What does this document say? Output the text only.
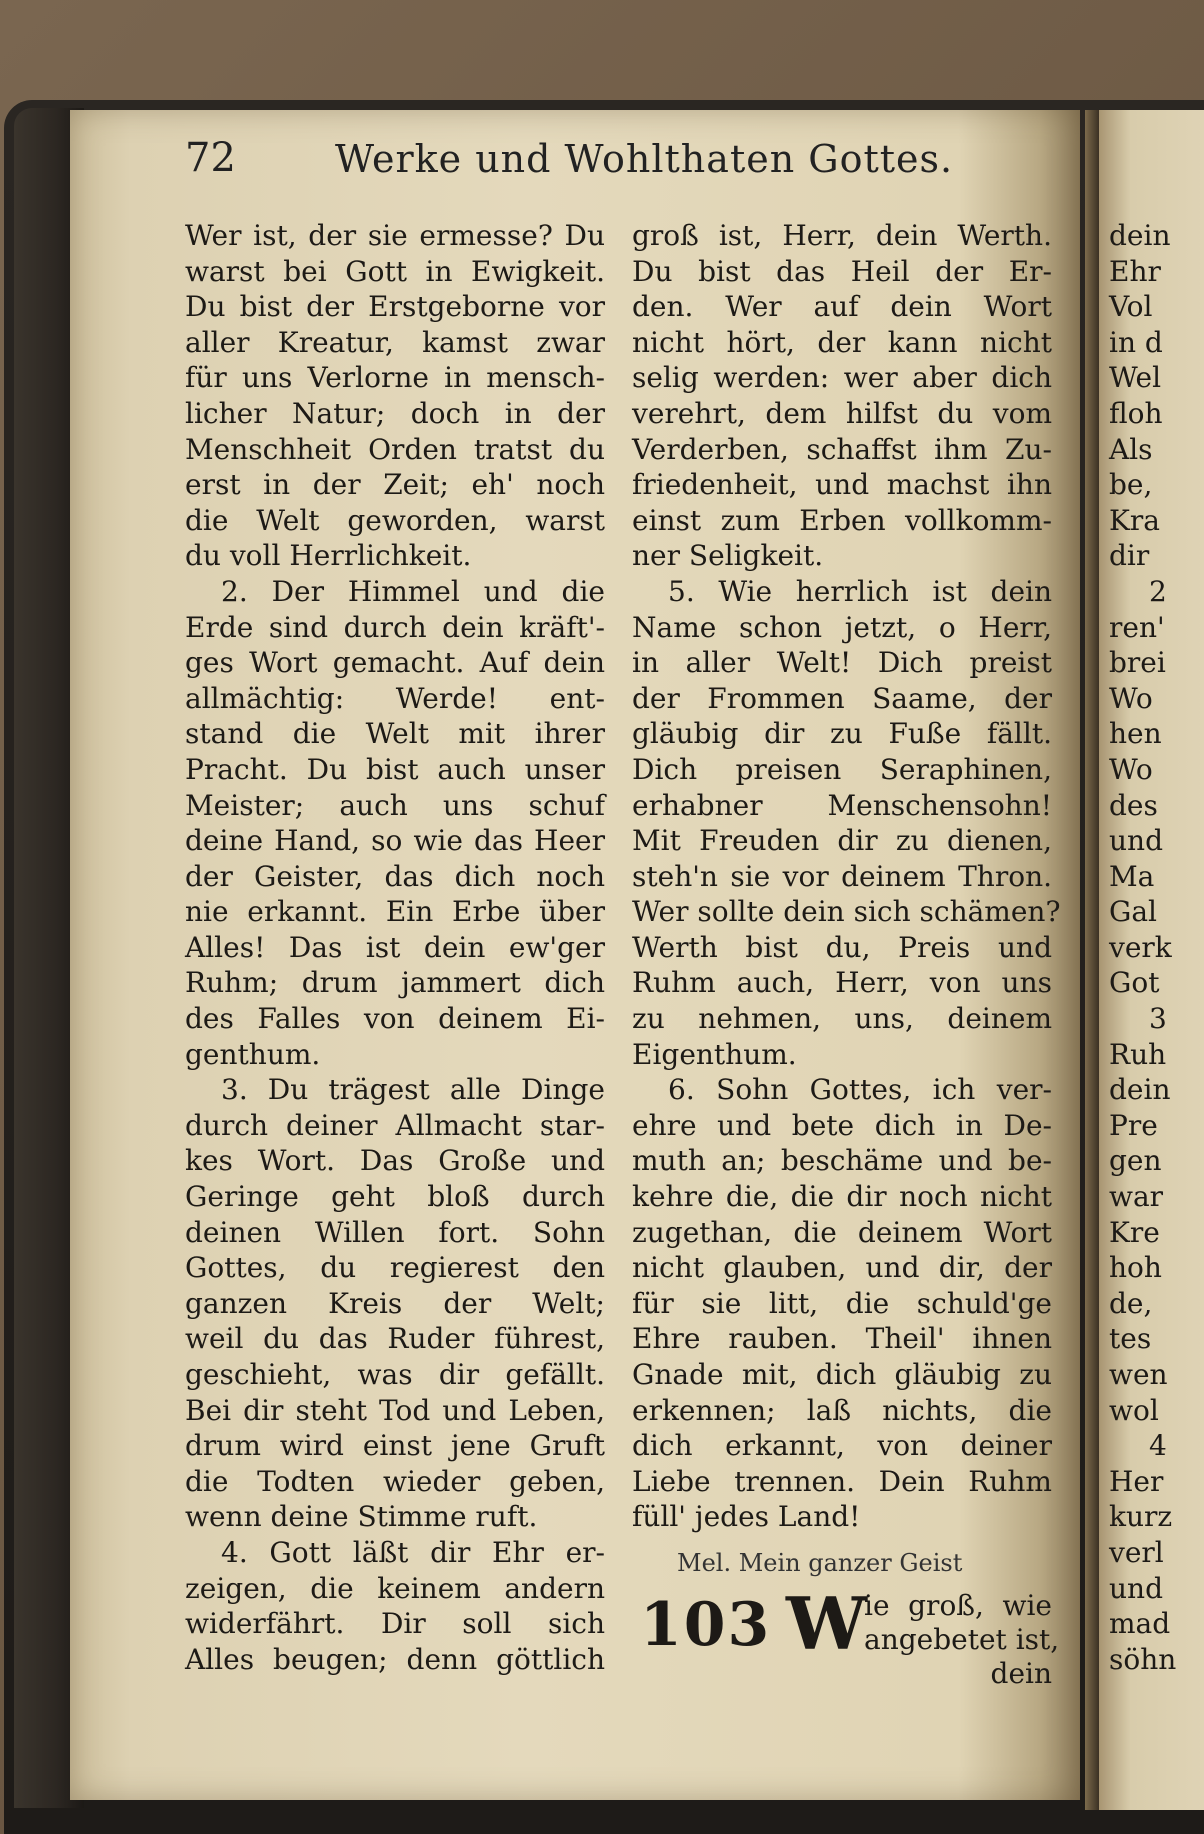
dein
Ehr
Vol
in d
Wel
floh
Als
be,
Kra
dir
2
ren'
brei
Wo
hen
Wo
des
und
Ma
Gal
verk
Got
3
Ruh
dein
Pre
gen
war
Kre
hoh
de,
tes
wen
wol
4
Her
kurz
verl
und
mad
söhn
72	Werke und Wohlthaten Gottes.
Wer ist, der sie ermesse? Du
warst bei Gott in Ewigkeit.
Du bist der Erstgeborne vor
aller Kreatur, kamst zwar
für uns Verlorne in mensch-
licher Natur; doch in der
Menschheit Orden tratst du
erst in der Zeit; eh' noch
die Welt geworden, warst
du voll Herrlichkeit.
2. Der Himmel und die
Erde sind durch dein kräft'-
ges Wort gemacht. Auf dein
allmächtig: Werde! ent-
stand die Welt mit ihrer
Pracht. Du bist auch unser
Meister; auch uns schuf
deine Hand, so wie das Heer
der Geister, das dich noch
nie erkannt. Ein Erbe über
Alles! Das ist dein ew'ger
Ruhm; drum jammert dich
des Falles von deinem Ei-
genthum.
3. Du trägest alle Dinge
durch deiner Allmacht star-
kes Wort. Das Große und
Geringe geht bloß durch
deinen Willen fort. Sohn
Gottes, du regierest den
ganzen Kreis der Welt;
weil du das Ruder führest,
geschieht, was dir gefällt.
Bei dir steht Tod und Leben,
drum wird einst jene Gruft
die Todten wieder geben,
wenn deine Stimme ruft.
4. Gott läßt dir Ehr er-
zeigen, die keinem andern
widerfährt. Dir soll sich
Alles beugen; denn göttlich
groß ist, Herr, dein Werth.
Du bist das Heil der Er-
den. Wer auf dein Wort
nicht hört, der kann nicht
selig werden: wer aber dich
verehrt, dem hilfst du vom
Verderben, schaffst ihm Zu-
friedenheit, und machst ihn
einst zum Erben vollkomm-
ner Seligkeit.
5. Wie herrlich ist dein
Name schon jetzt, o Herr,
in aller Welt! Dich preist
der Frommen Saame, der
gläubig dir zu Fuße fällt.
Dich preisen Seraphinen,
erhabner Menschensohn!
Mit Freuden dir zu dienen,
steh'n sie vor deinem Thron.
Wer sollte dein sich schämen?
Werth bist du, Preis und
Ruhm auch, Herr, von uns
zu nehmen, uns, deinem
Eigenthum.
6. Sohn Gottes, ich ver-
ehre und bete dich in De-
muth an; beschäme und be-
kehre die, die dir noch nicht
zugethan, die deinem Wort
nicht glauben, und dir, der
für sie litt, die schuld'ge
Ehre rauben. Theil' ihnen
Gnade mit, dich gläubig zu
erkennen; laß nichts, die
dich erkannt, von deiner
Liebe trennen. Dein Ruhm
füll' jedes Land!
Mel. Mein ganzer Geist
103 W
ie groß, wie
angebetet ist,
dein
